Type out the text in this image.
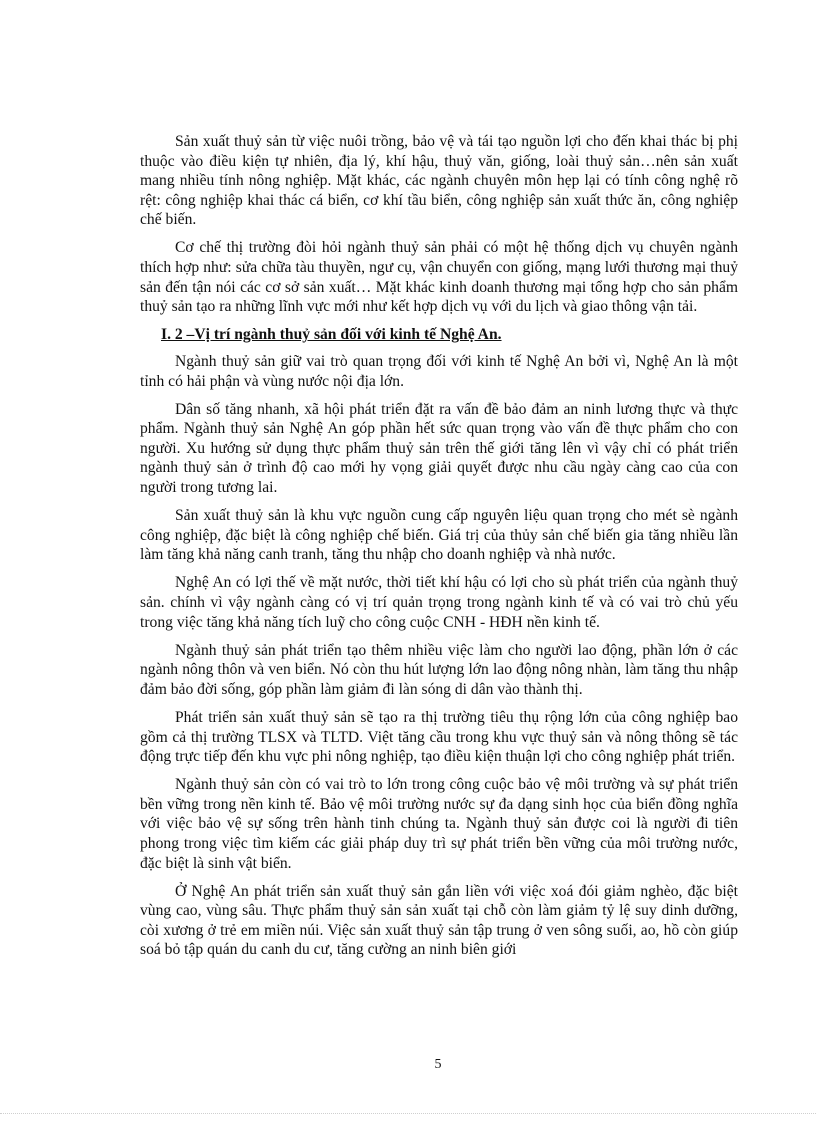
Sản xuất thuỷ sản từ việc nuôi trồng, bảo vệ và tái tạo nguồn lợi cho đến khai thác bị phị thuộc vào điều kiện tự nhiên, địa lý, khí hậu, thuỷ văn, giống, loài thuỷ sản…nên sản xuất mang nhiều tính nông nghiệp. Mặt khác, các ngành chuyên môn hẹp lại có tính công nghệ rõ rệt: công nghiệp khai thác cá biển, cơ khí tầu biển, công nghiệp sản xuất thức ăn, công nghiệp chế biến.

Cơ chế thị trường đòi hỏi ngành thuỷ sản phải có một hệ thống dịch vụ chuyên ngành thích hợp như: sửa chữa tàu thuyền, ngư cụ, vận chuyển con giống, mạng lưới thương mại thuỷ sản đến tận nói các cơ sở sản xuất… Mặt khác kinh doanh thương mại tổng hợp cho sản phẩm thuỷ sản tạo ra những lĩnh vực mới như kết hợp dịch vụ với du lịch và giao thông vận tải.

I. 2 –Vị trí ngành thuỷ sản đối với kinh tế Nghệ An.

Ngành thuỷ sản giữ vai trò quan trọng đối với kinh tế Nghệ An bởi vì, Nghệ An là một tỉnh có hải phận và vùng nước nội địa lớn.

Dân số tăng nhanh, xã hội phát triển đặt ra vấn đề bảo đảm an ninh lương thực và thực phẩm. Ngành thuỷ sản Nghệ An góp phần hết sức quan trọng vào vấn đề thực phẩm cho con người. Xu hướng sử dụng thực phẩm thuỷ sản trên thế giới tăng lên vì vậy chỉ có phát triển ngành thuỷ sản ở trình độ cao mới hy vọng giải quyết được nhu cầu ngày càng cao của con người trong tương lai.

Sản xuất thuỷ sản là khu vực nguồn cung cấp nguyên liệu quan trọng cho mét sè ngành công nghiệp, đặc biệt là công nghiệp chế biến. Giá trị của thủy sản chế biến gia tăng nhiều lần làm tăng khả năng canh tranh, tăng thu nhập cho doanh nghiệp và nhà nước.

Nghệ An có lợi thế về mặt nước, thời tiết khí hậu có lợi cho sù phát triển của ngành thuỷ sản. chính vì vậy ngành càng có vị trí quản trọng trong ngành kinh tế và có vai trò chủ yếu trong việc tăng khả năng tích luỹ cho công cuộc CNH - HĐH nền kinh tế.

Ngành thuỷ sản phát triển tạo thêm nhiều việc làm cho người lao động, phần lớn ở các ngành nông thôn và ven biển. Nó còn thu hút lượng lớn lao động nông nhàn, làm tăng thu nhập đảm bảo đời sống, góp phần làm giảm đi làn sóng di dân vào thành thị.

Phát triển sản xuất thuỷ sản sẽ tạo ra thị trường tiêu thụ rộng lớn của công nghiệp bao gồm cả thị trường TLSX và TLTD. Việt tăng cầu trong khu vực thuỷ sản và nông thông sẽ tác động trực tiếp đến khu vực phi nông nghiệp, tạo điều kiện thuận lợi cho công nghiệp phát triển.

Ngành thuỷ sản còn có vai trò to lớn trong công cuộc bảo vệ môi trường và sự phát triển bền vững trong nền kinh tế. Bảo vệ môi trường nước sự đa dạng sinh học của biển đồng nghĩa với việc bảo vệ sự sống trên hành tinh chúng ta. Ngành thuỷ sản được coi là người đi tiên phong trong việc tìm kiếm các giải pháp duy trì sự phát triển bền vững của môi trường nước, đặc biệt là sinh vật biển.

Ở Nghệ An phát triển sản xuất thuỷ sản gắn liền với việc xoá đói giảm nghèo, đặc biệt vùng cao, vùng sâu. Thực phẩm thuỷ sản sản xuất tại chỗ còn làm giảm tỷ lệ suy dinh dưỡng, còi xương ở trẻ em miền núi. Việc sản xuất thuỷ sản tập trung ở ven sông suối, ao, hồ còn giúp soá bỏ tập quán du canh du cư, tăng cường an ninh biên giới

5
